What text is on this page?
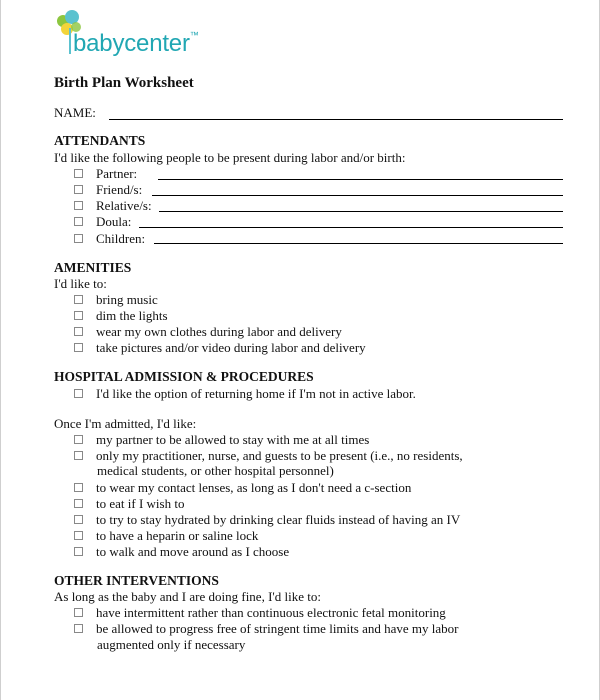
babycenter™
Birth Plan Worksheet
NAME:
ATTENDANTS
I'd like the following people to be present during labor and/or birth:
Partner:
Friend/s:
Relative/s:
Doula:
Children:
AMENITIES
I'd like to:
bring music
dim the lights
wear my own clothes during labor and delivery
take pictures and/or video during labor and delivery
HOSPITAL ADMISSION & PROCEDURES
I'd like the option of returning home if I'm not in active labor.
Once I'm admitted, I'd like:
my partner to be allowed to stay with me at all times
only my practitioner, nurse, and guests to be present (i.e., no residents,
medical students, or other hospital personnel)
to wear my contact lenses, as long as I don't need a c-section
to eat if I wish to
to try to stay hydrated by drinking clear fluids instead of having an IV
to have a heparin or saline lock
to walk and move around as I choose
OTHER INTERVENTIONS
As long as the baby and I are doing fine, I'd like to:
have intermittent rather than continuous electronic fetal monitoring
be allowed to progress free of stringent time limits and have my labor
augmented only if necessary
